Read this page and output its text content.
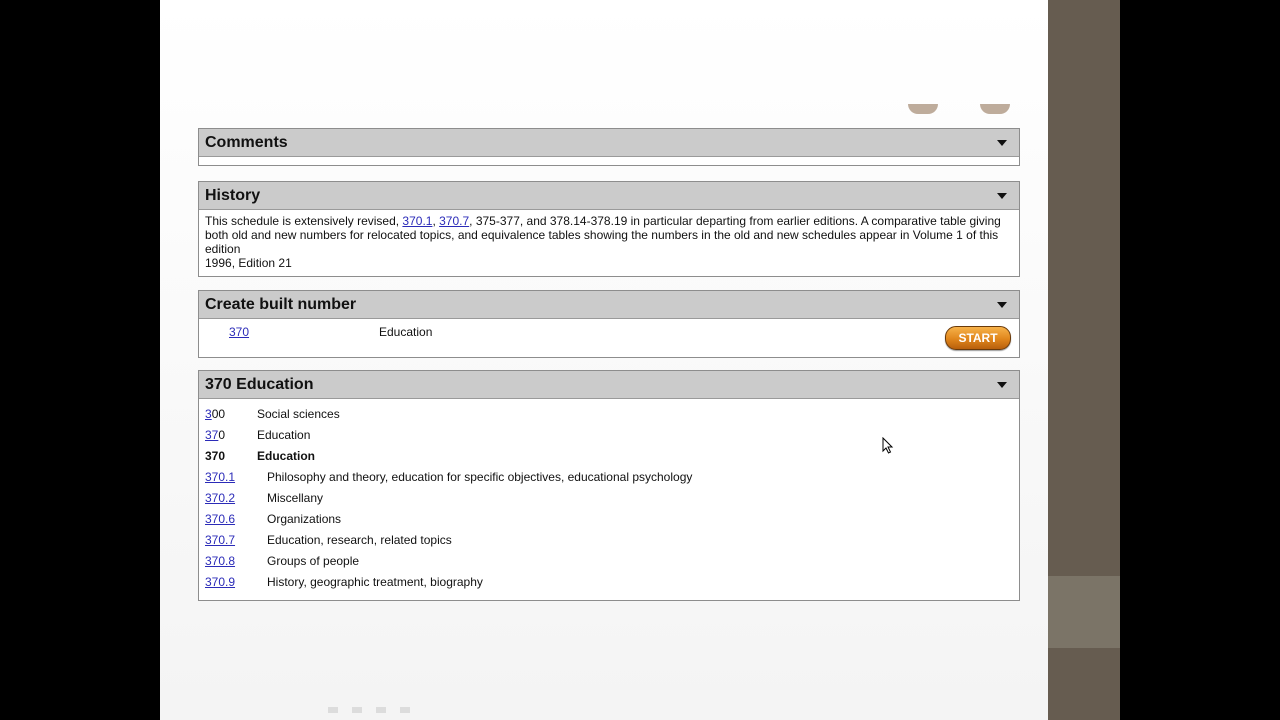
Comments
History
This schedule is extensively revised, 370.1, 370.7, 375-377, and 378.14-378.19 in particular departing from earlier editions. A comparative table giving both old and new numbers for relocated topics, and equivalence tables showing the numbers in the old and new schedules appear in Volume 1 of this edition
1996, Edition 21
Create built number
370	Education	START
370 Education
300	Social sciences
370	Education
370	Education
370.1	Philosophy and theory, education for specific objectives, educational psychology
370.2	Miscellany
370.6	Organizations
370.7	Education, research, related topics
370.8	Groups of people
370.9	History, geographic treatment, biography
